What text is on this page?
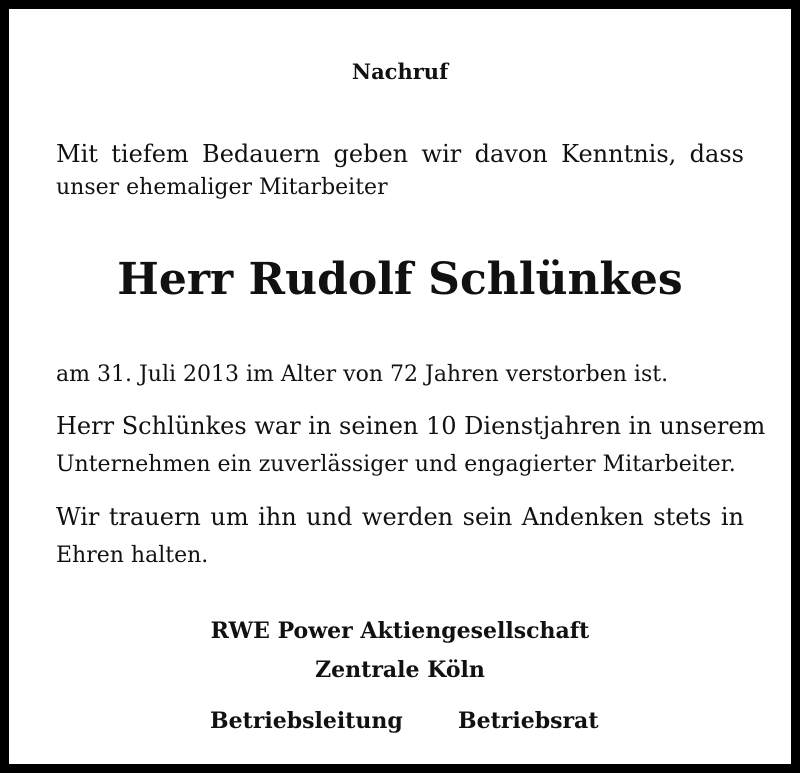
Nachruf
Mit tiefem Bedauern geben wir davon Kenntnis, dass
unser ehemaliger Mitarbeiter
Herr Rudolf Schlünkes
am 31. Juli 2013 im Alter von 72 Jahren verstorben ist.
Herr Schlünkes war in seinen 10 Dienstjahren in unserem
Unternehmen ein zuverlässiger und engagierter Mitarbeiter.
Wir trauern um ihn und werden sein Andenken stets in
Ehren halten.
RWE Power Aktiengesellschaft
Zentrale Köln
Betriebsleitung	Betriebsrat
